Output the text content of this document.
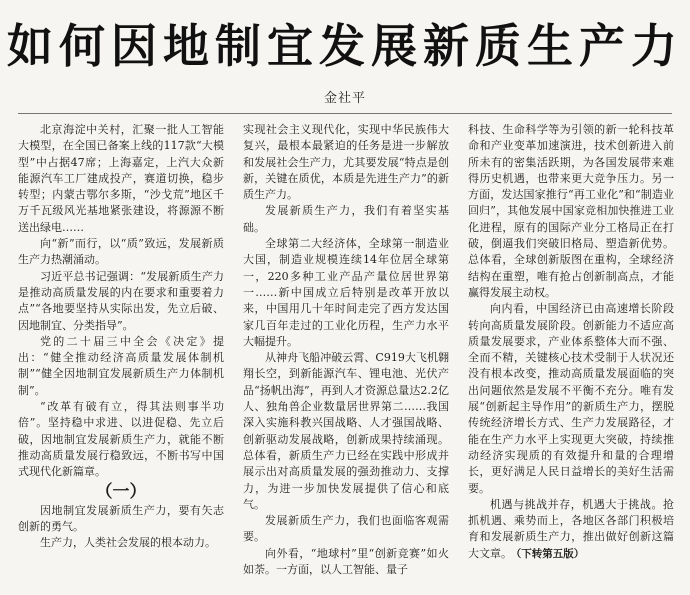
如何因地制宜发展新质生产力
金社平

北京海淀中关村，汇聚一批人工智能大模型，在全国已备案上线的117款“大模型”中占据47席；上海嘉定，上汽大众新能源汽车工厂建成投产，赛道切换，稳步转型；内蒙古鄂尔多斯，“沙戈荒”地区千万千瓦级风光基地紧张建设，将源源不断送出绿电……

向“新”而行，以“质”致远，发展新质生产力热潮涌动。

习近平总书记强调：“发展新质生产力是推动高质量发展的内在要求和重要着力点”“各地要坚持从实际出发，先立后破、因地制宜、分类指导”。

党的二十届三中全会《决定》提出：“健全推动经济高质量发展体制机制”“健全因地制宜发展新质生产力体制机制”。

“改革有破有立，得其法则事半功倍”。坚持稳中求进、以进促稳、先立后破，因地制宜发展新质生产力，就能不断推动高质量发展行稳致远，不断书写中国式现代化新篇章。

（一）

因地制宜发展新质生产力，要有矢志创新的勇气。

生产力，人类社会发展的根本动力。

实现社会主义现代化，实现中华民族伟大复兴，最根本最紧迫的任务是进一步解放和发展社会生产力，尤其要发展“特点是创新，关键在质优，本质是先进生产力”的新质生产力。

发展新质生产力，我们有着坚实基础。

全球第二大经济体，全球第一制造业大国，制造业规模连续14年位居全球第一，220多种工业产品产量位居世界第一……新中国成立后特别是改革开放以来，中国用几十年时间走完了西方发达国家几百年走过的工业化历程，生产力水平大幅提升。

从神舟飞船冲破云霄、C919大飞机翱翔长空，到新能源汽车、锂电池、光伏产品“扬帆出海”，再到人才资源总量达2.2亿人、独角兽企业数量居世界第二……我国深入实施科教兴国战略、人才强国战略、创新驱动发展战略，创新成果持续涌现。总体看，新质生产力已经在实践中形成并展示出对高质量发展的强劲推动力、支撑力，为进一步加快发展提供了信心和底气。

发展新质生产力，我们也面临客观需要。

向外看，“地球村”里“创新竞赛”如火如荼。一方面，以人工智能、量子

科技、生命科学等为引领的新一轮科技革命和产业变革加速演进，技术创新进入前所未有的密集活跃期，为各国发展带来难得历史机遇，也带来更大竞争压力。另一方面，发达国家推行“再工业化”和“制造业回归”，其他发展中国家竞相加快推进工业化进程，原有的国际产业分工格局正在打破，倒逼我们突破旧格局、塑造新优势。总体看，全球创新版图在重构，全球经济结构在重塑，唯有抢占创新制高点，才能赢得发展主动权。

向内看，中国经济已由高速增长阶段转向高质量发展阶段。创新能力不适应高质量发展要求，产业体系整体大而不强、全而不精，关键核心技术受制于人状况还没有根本改变，推动高质量发展面临的突出问题依然是发展不平衡不充分。唯有发展“创新起主导作用”的新质生产力，摆脱传统经济增长方式、生产力发展路径，才能在生产力水平上实现更大突破，持续推动经济实现质的有效提升和量的合理增长，更好满足人民日益增长的美好生活需要。

机遇与挑战并存，机遇大于挑战。抢抓机遇、乘势而上，各地区各部门积极培育和发展新质生产力，推出做好创新这篇大文章。 （下转第五版）
